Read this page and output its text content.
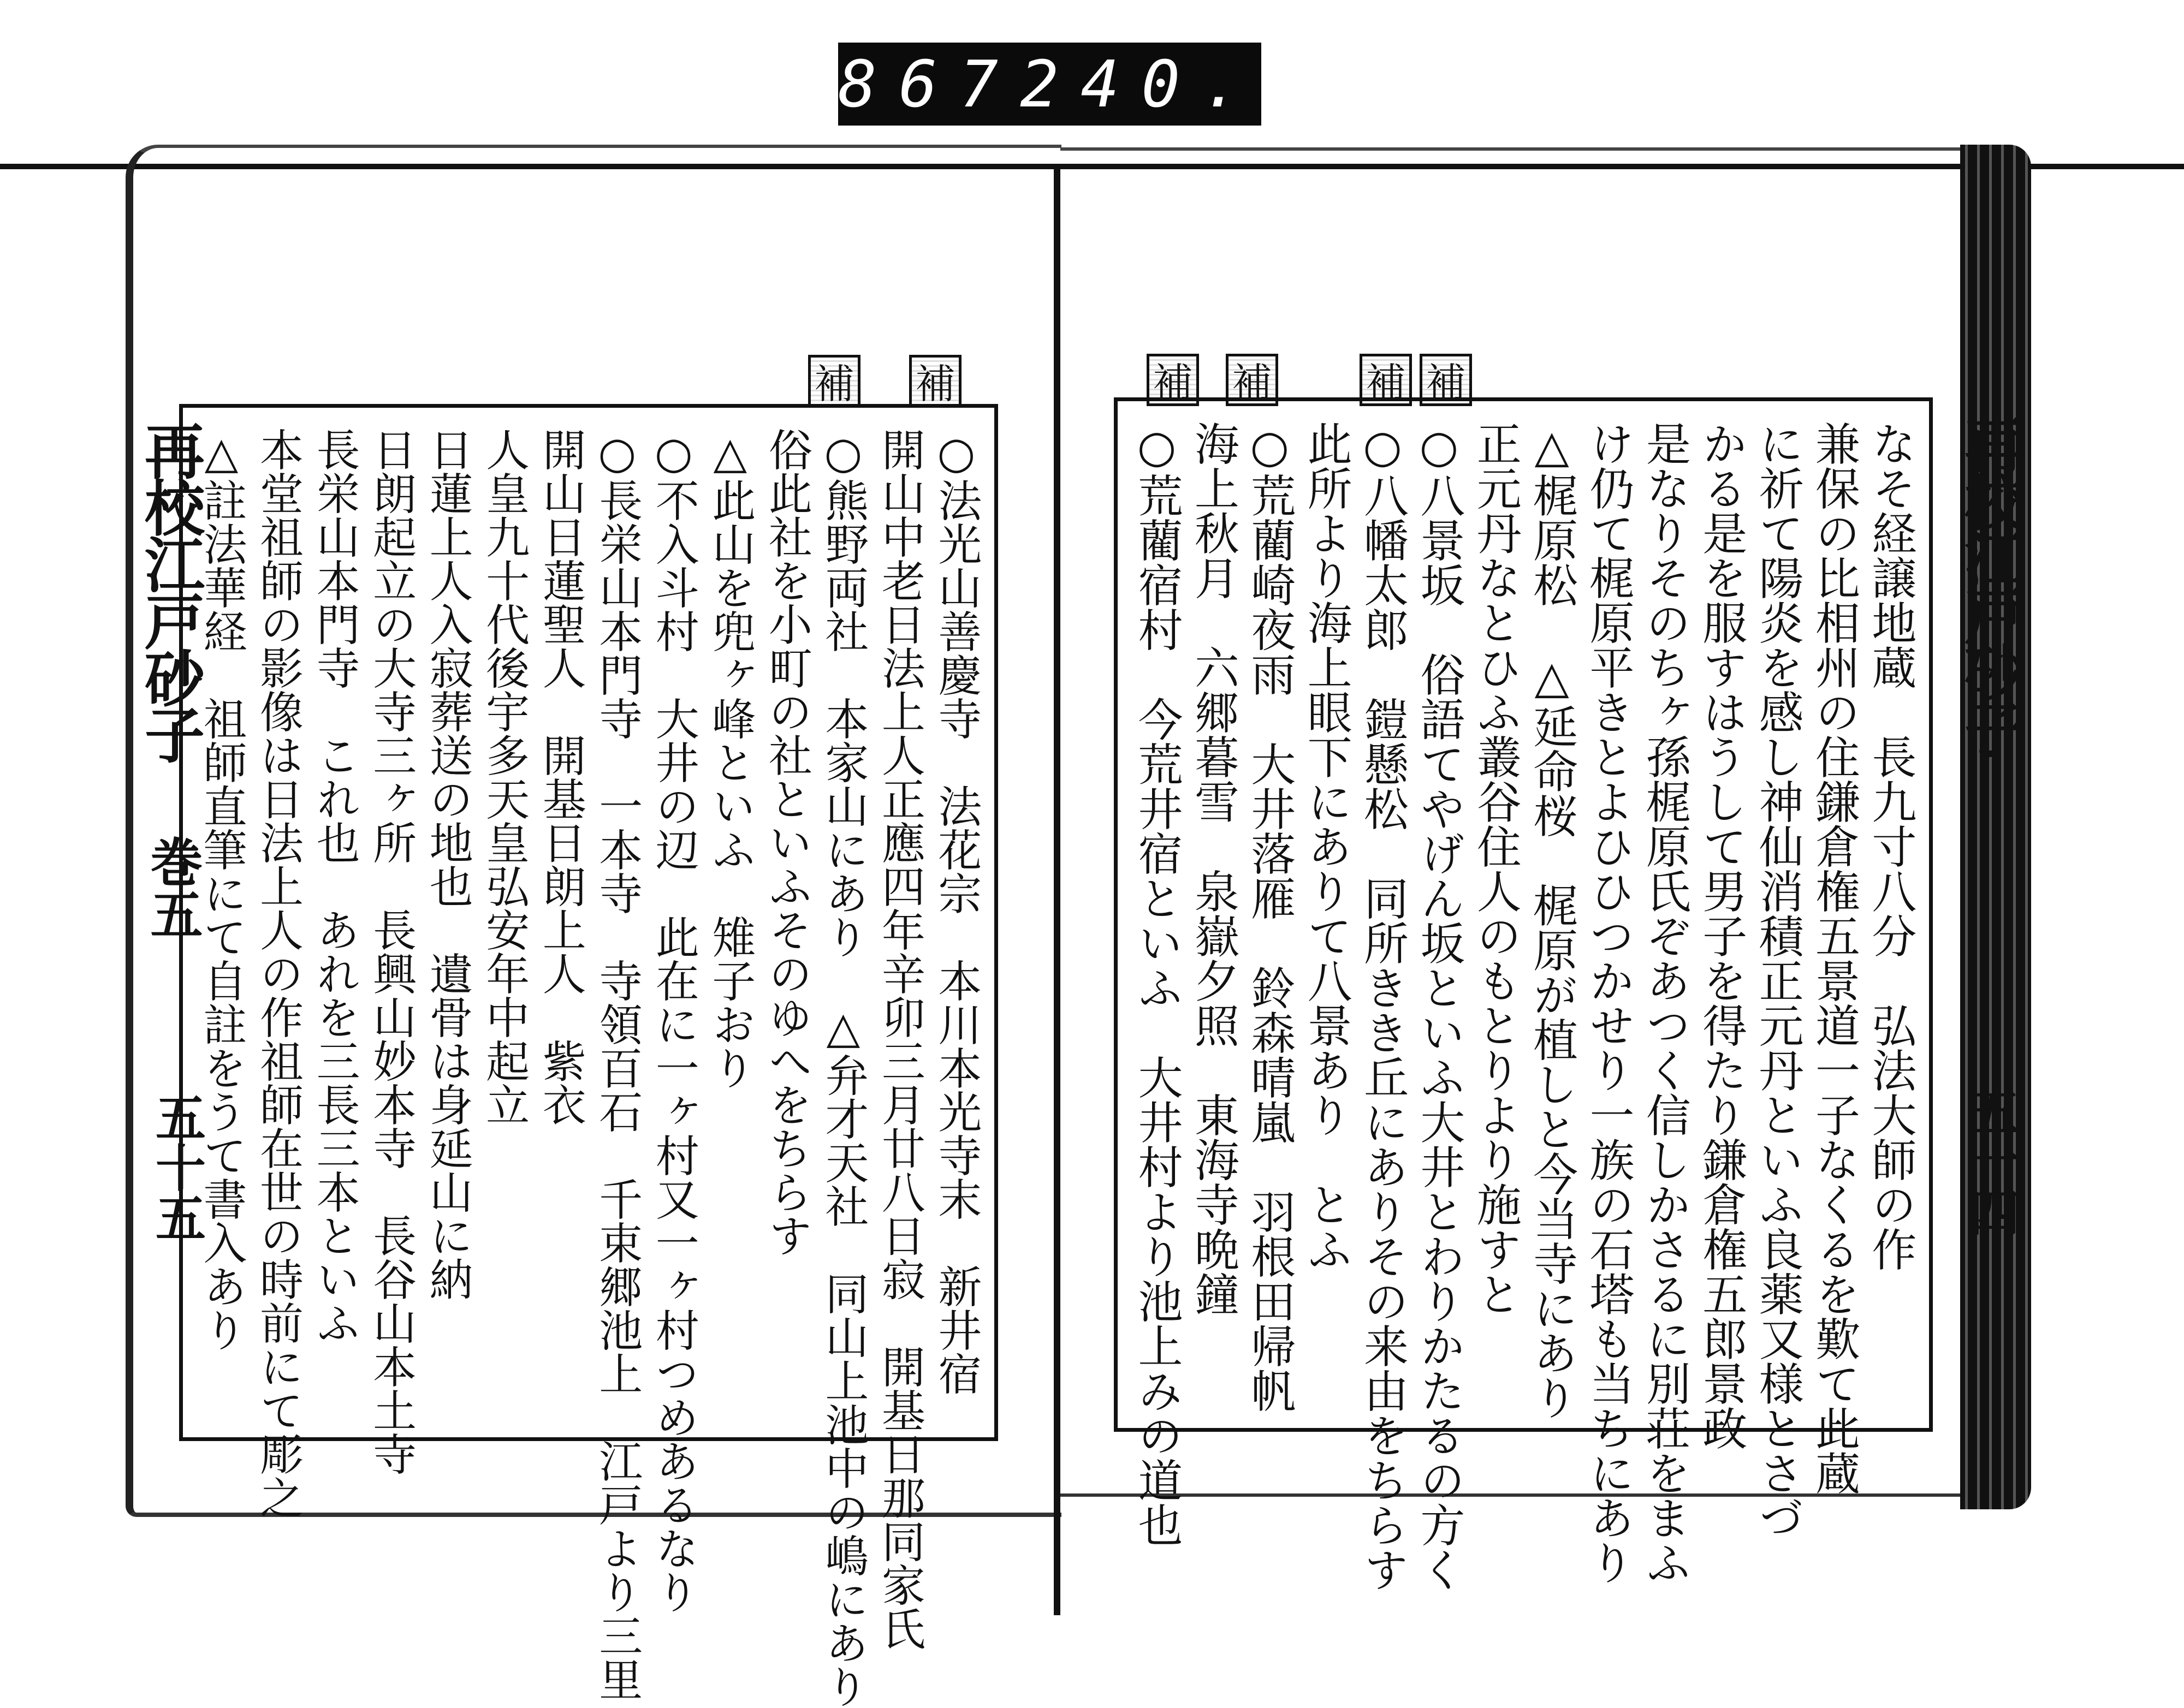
867 240.
再校江戸砂子
巻五
五十五
再校江戸砂子
五十四
補 補	補 補 補 補
○法光山善慶寺　法花宗　本川本光寺末　新井宿
開山中老日法上人正應四年辛卯三月廿八日寂　開基日那同家氏
○熊野両社　本家山にあり　△弁才天社　同山上池中の嶋にあり
俗此社を小町の社といふそのゆへをちらす
△此山を兜ヶ峰といふ　雉子おり
○不入斗村　大井の辺　此在に一ヶ村又一ヶ村つめあるなり
○長栄山本門寺　一本寺　寺領百石　千束郷池上　江戸より三里
開山日蓮聖人　開基日朗上人　紫衣
人皇九十代後宇多天皇弘安年中起立
日蓮上人入寂葬送の地也　遺骨は身延山に納
日朗起立の大寺三ヶ所　長興山妙本寺　長谷山本土寺
長栄山本門寺　これ也　あれを三長三本といふ
本堂祖師の影像は日法上人の作祖師在世の時前にて彫之
△註法華経　祖師直筆にて自註をうて書入あり	なそ経譲地蔵　長九寸八分　弘法大師の作
兼保の比相州の住鎌倉権五景道一子なくるを歎て此蔵
に祈て陽炎を感し神仙消積正元丹といふ良薬又様とさづ
かる是を服すはうして男子を得たり鎌倉権五郎景政
是なりそのちヶ孫梶原氏ぞあつく信しかさるに別荘をまふ
け仍て梶原平きとよひひつかせり一族の石塔も当ちにあり
△梶原松　△延命桜　梶原が植しと今当寺にあり
正元丹なとひふ叢谷住人のもとりより施すと
○八景坂　俗語てやげん坂といふ大井とわりかたるの方く
○八幡太郎　鎧懸松　同所きき丘にありその来由をちらす
此所より海上眼下にありて八景あり　とふ
○荒藺崎夜雨　大井落雁　鈴森晴嵐　羽根田帰帆
海上秋月　六郷暮雪　泉嶽夕照　東海寺晩鐘
○荒藺宿村　今荒井宿といふ　大井村より池上みの道也
